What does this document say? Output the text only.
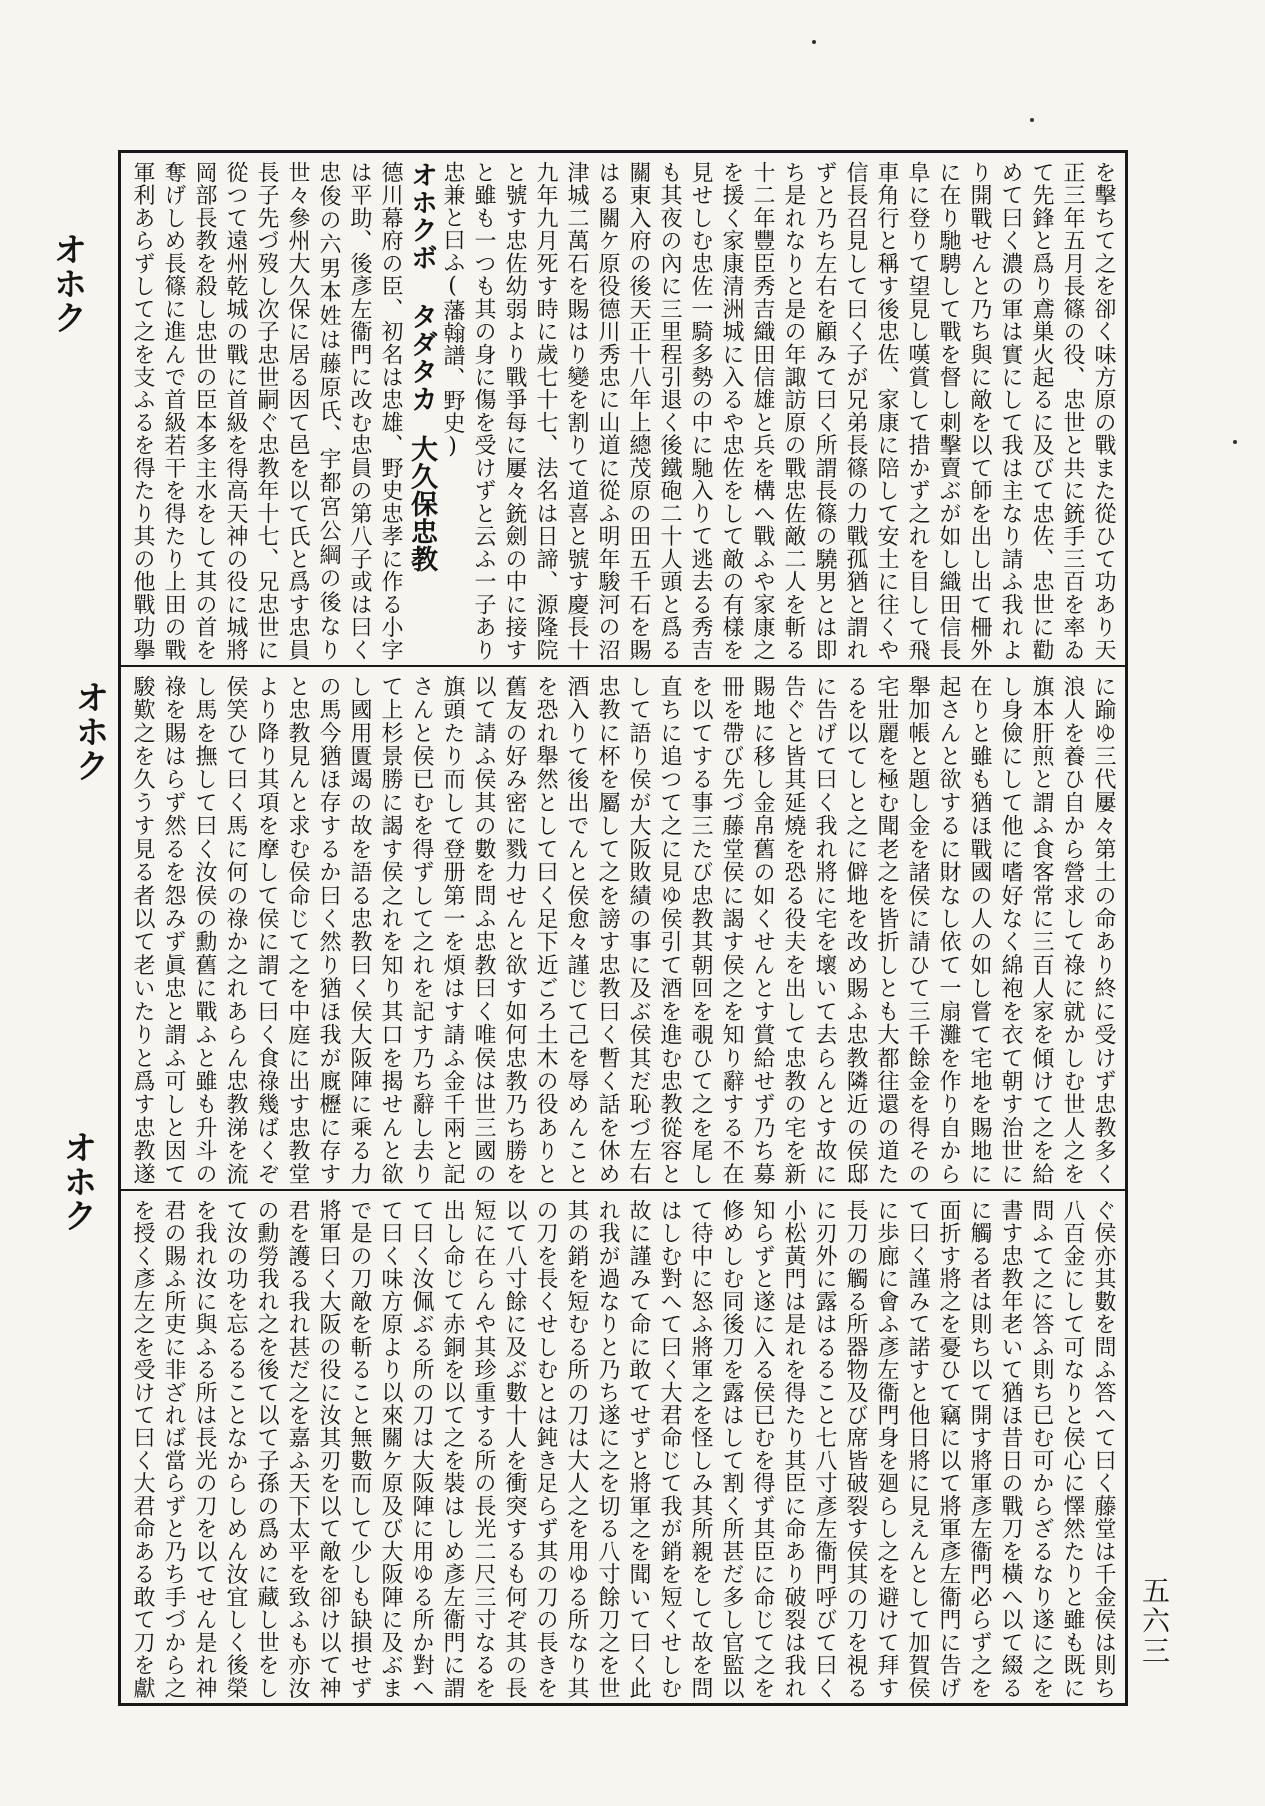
オホク
オホク
オホク

を擊ちて之を卻く味方原の戰また從ひて功あり天正三年五月長篠の役、忠世と共に銃手三百を率ゐて先鋒と爲り鳶巣火起るに及びて忠佐、忠世に勸めて曰く濃の軍は實にして我は主なり請ふ我れより開戰せんと乃ち與に敵を以て師を出し出て柵外に在り馳騁して戰を督し刺擊賣ぶが如し織田信長阜に登りて望見し嘆賞して措かず之れを目して飛車角行と稱す後忠佐、家康に陪して安土に往くや信長召見して曰く子が兄弟長篠の力戰孤猶と謂れずと乃ち左右を顧みて曰く所謂長篠の驍男とは即ち是れなりと是の年諏訪原の戰忠佐敵二人を斬る十二年豐臣秀吉織田信雄と兵を構へ戰ふや家康之を援く家康清洲城に入るや忠佐をして敵の有樣を見せしむ忠佐一騎多勢の中に馳入りて逃去る秀吉も其夜の內に三里程引退く後鐵砲二十人頭と爲る關東入府の後天正十八年上總茂原の田五千石を賜はる關ケ原役德川秀忠に山道に從ふ明年駿河の沼津城二萬石を賜はり變を割りて道喜と號す慶長十九年九月死す時に歲七十七、法名は日諦、源隆院と號す忠佐幼弱より戰爭每に屢々銃劍の中に接すと雖も一つも其の身に傷を受けずと云ふ一子あり忠兼と曰ふ(藩翰譜、野史)

オホクボ タダタカ　大久保忠教

德川幕府の臣、初名は忠雄、野史忠孝に作る小字は平助、後彥左衞門に改む忠員の第八子或は曰く忠俊の六男本姓は藤原氏、宇都宮公綱の後なり世々參州大久保に居る因て邑を以て氏と爲す忠員長子先づ歿し次子忠世嗣ぐ忠教年十七、兄忠世に從つて遠州乾城の戰に首級を得高天神の役に城將岡部長教を殺し忠世の臣本多主水をして其の首を奪げしめ長篠に進んで首級若干を得たり上田の戰軍利あらずして之を支ふるを得たり其の他戰功擧

に踰ゆ三代屢々第土の命あり終に受けず忠教多く浪人を養ひ自から營求して祿に就かしむ世人之を旗本肝煎と謂ふ食客常に三百人家を傾けて之を給し身儉にして他に嗜好なく綿袍を衣て朝す治世に在りと雖も猶ほ戰國の人の如し嘗て宅地を賜地に起さんと欲するに財なし依て一扇灘を作り自から舉加帳と題し金を諸侯に請ひて三千餘金を得その宅壯麗を極む聞老之を皆折しとも大都往還の道たるを以てしと之に僻地を改め賜ふ忠教隣近の侯邸に告げて曰く我れ將に宅を壞いて去らんとす故に告ぐと皆其延燒を恐る役夫を出して忠教の宅を新賜地に移し金帛舊の如くせんとす賞給せず乃ち募冊を帶び先づ藤堂侯に謁す侯之を知り辭する不在を以てする事三たび忠教其朝回を覗ひて之を尾し直ちに追つて之に見ゆ侯引て酒を進む忠教從容として語り侯が大阪敗績の事に及ぶ侯其だ恥づ左右忠教に杯を屬して之を謗す忠教曰く暫く話を休め酒入りて後出でんと侯愈々謹じて己を辱めんことを恐れ舉然として曰く足下近ごろ土木の役ありと舊友の好み密に戮力せんと欲す如何忠教乃ち勝を以て請ふ侯其の數を問ふ忠教曰く唯侯は世三國の旗頭たり而して登册第一を煩はす請ふ金千兩と記さんと侯已むを得ずして之れを記す乃ち辭し去りて上杉景勝に謁す侯之れを知り其口を揭せんと欲し國用匱竭の故を語る忠教曰く侯大阪陣に乘る力の馬今猶ほ存するか曰く然り猶ほ我が廐櫪に存すと忠教見んと求む侯命じて之を中庭に出す忠教堂より降り其項を摩して侯に謂て曰く食祿幾ばくぞ侯笑ひて曰く馬に何の祿か之れあらん忠教涕を流し馬を撫して曰く汝侯の勳舊に戰ふと雖も升斗の祿を賜はらず然るを怨みず眞忠と謂ふ可しと因て駿歎之を久うす見る者以て老いたりと爲す忠教遂

ぐ侯亦其數を問ふ答へて曰く藤堂は千金侯は則ち八百金にして可なりと侯心に懌然たりと雖も既に問ふて之に答ふ則ち已む可からざるなり遂に之を書す忠教年老いて猶ほ昔日の戰刀を橫へ以て綴るに觸る者は則ち以て開す將軍彥左衞門必らず之を面折す將之を憂ひて竊に以て將軍彥左衞門に告げて曰く謹みて諾すと他日將に見えんとして加賀侯に歩廊に會ふ彥左衞門身を廻らし之を避けて拜す長刀の觸る所器物及び席皆破裂す侯其の刀を視るに刃外に露はるること七八寸彥左衞門呼びて曰く小松黃門は是れを得たり其臣に命あり破裂は我れ知らずと遂に入る侯已むを得ず其臣に命じて之を修めしむ同後刀を露はして割く所甚だ多し官監以て待中に怒ふ將軍之を怪しみ其所親をして故を問はしむ對へて曰く大君命じて我が銷を短くせしむ故に謹みて命に敢てせずと將軍之を聞いて曰く此れ我が過なりと乃ち遂に之を切る八寸餘刀之を世其の銷を短むる所の刀は大人之を用ゆる所なり其の刀を長くせしむとは鈍き足らず其の刀の長きを以て八寸餘に及ぶ數十人を衝突するも何ぞ其の長短に在らんや其珍重する所の長光二尺三寸なるを出し命じて赤銅を以て之を裝はしめ彥左衞門に謂て曰く汝佩ぶる所の刀は大阪陣に用ゆる所か對へて曰く味方原より以來關ケ原及び大阪陣に及ぶまで是の刀敵を斬ること無數而して少しも缺損せず將軍曰く大阪の役に汝其刃を以て敵を卻け以て神君を護る我れ甚だ之を嘉ふ天下太平を致ふも亦汝の勳勞我れ之を後て以て子孫の爲めに藏し世をして汝の功を忘るることなからしめん汝宜しく後榮を我れ汝に與ふる所は長光の刀を以てせん是れ神君の賜ふ所吏に非ざれば當らずと乃ち手づから之を授く彥左之を受けて曰く大君命ある敢て刀を獻

五六三
